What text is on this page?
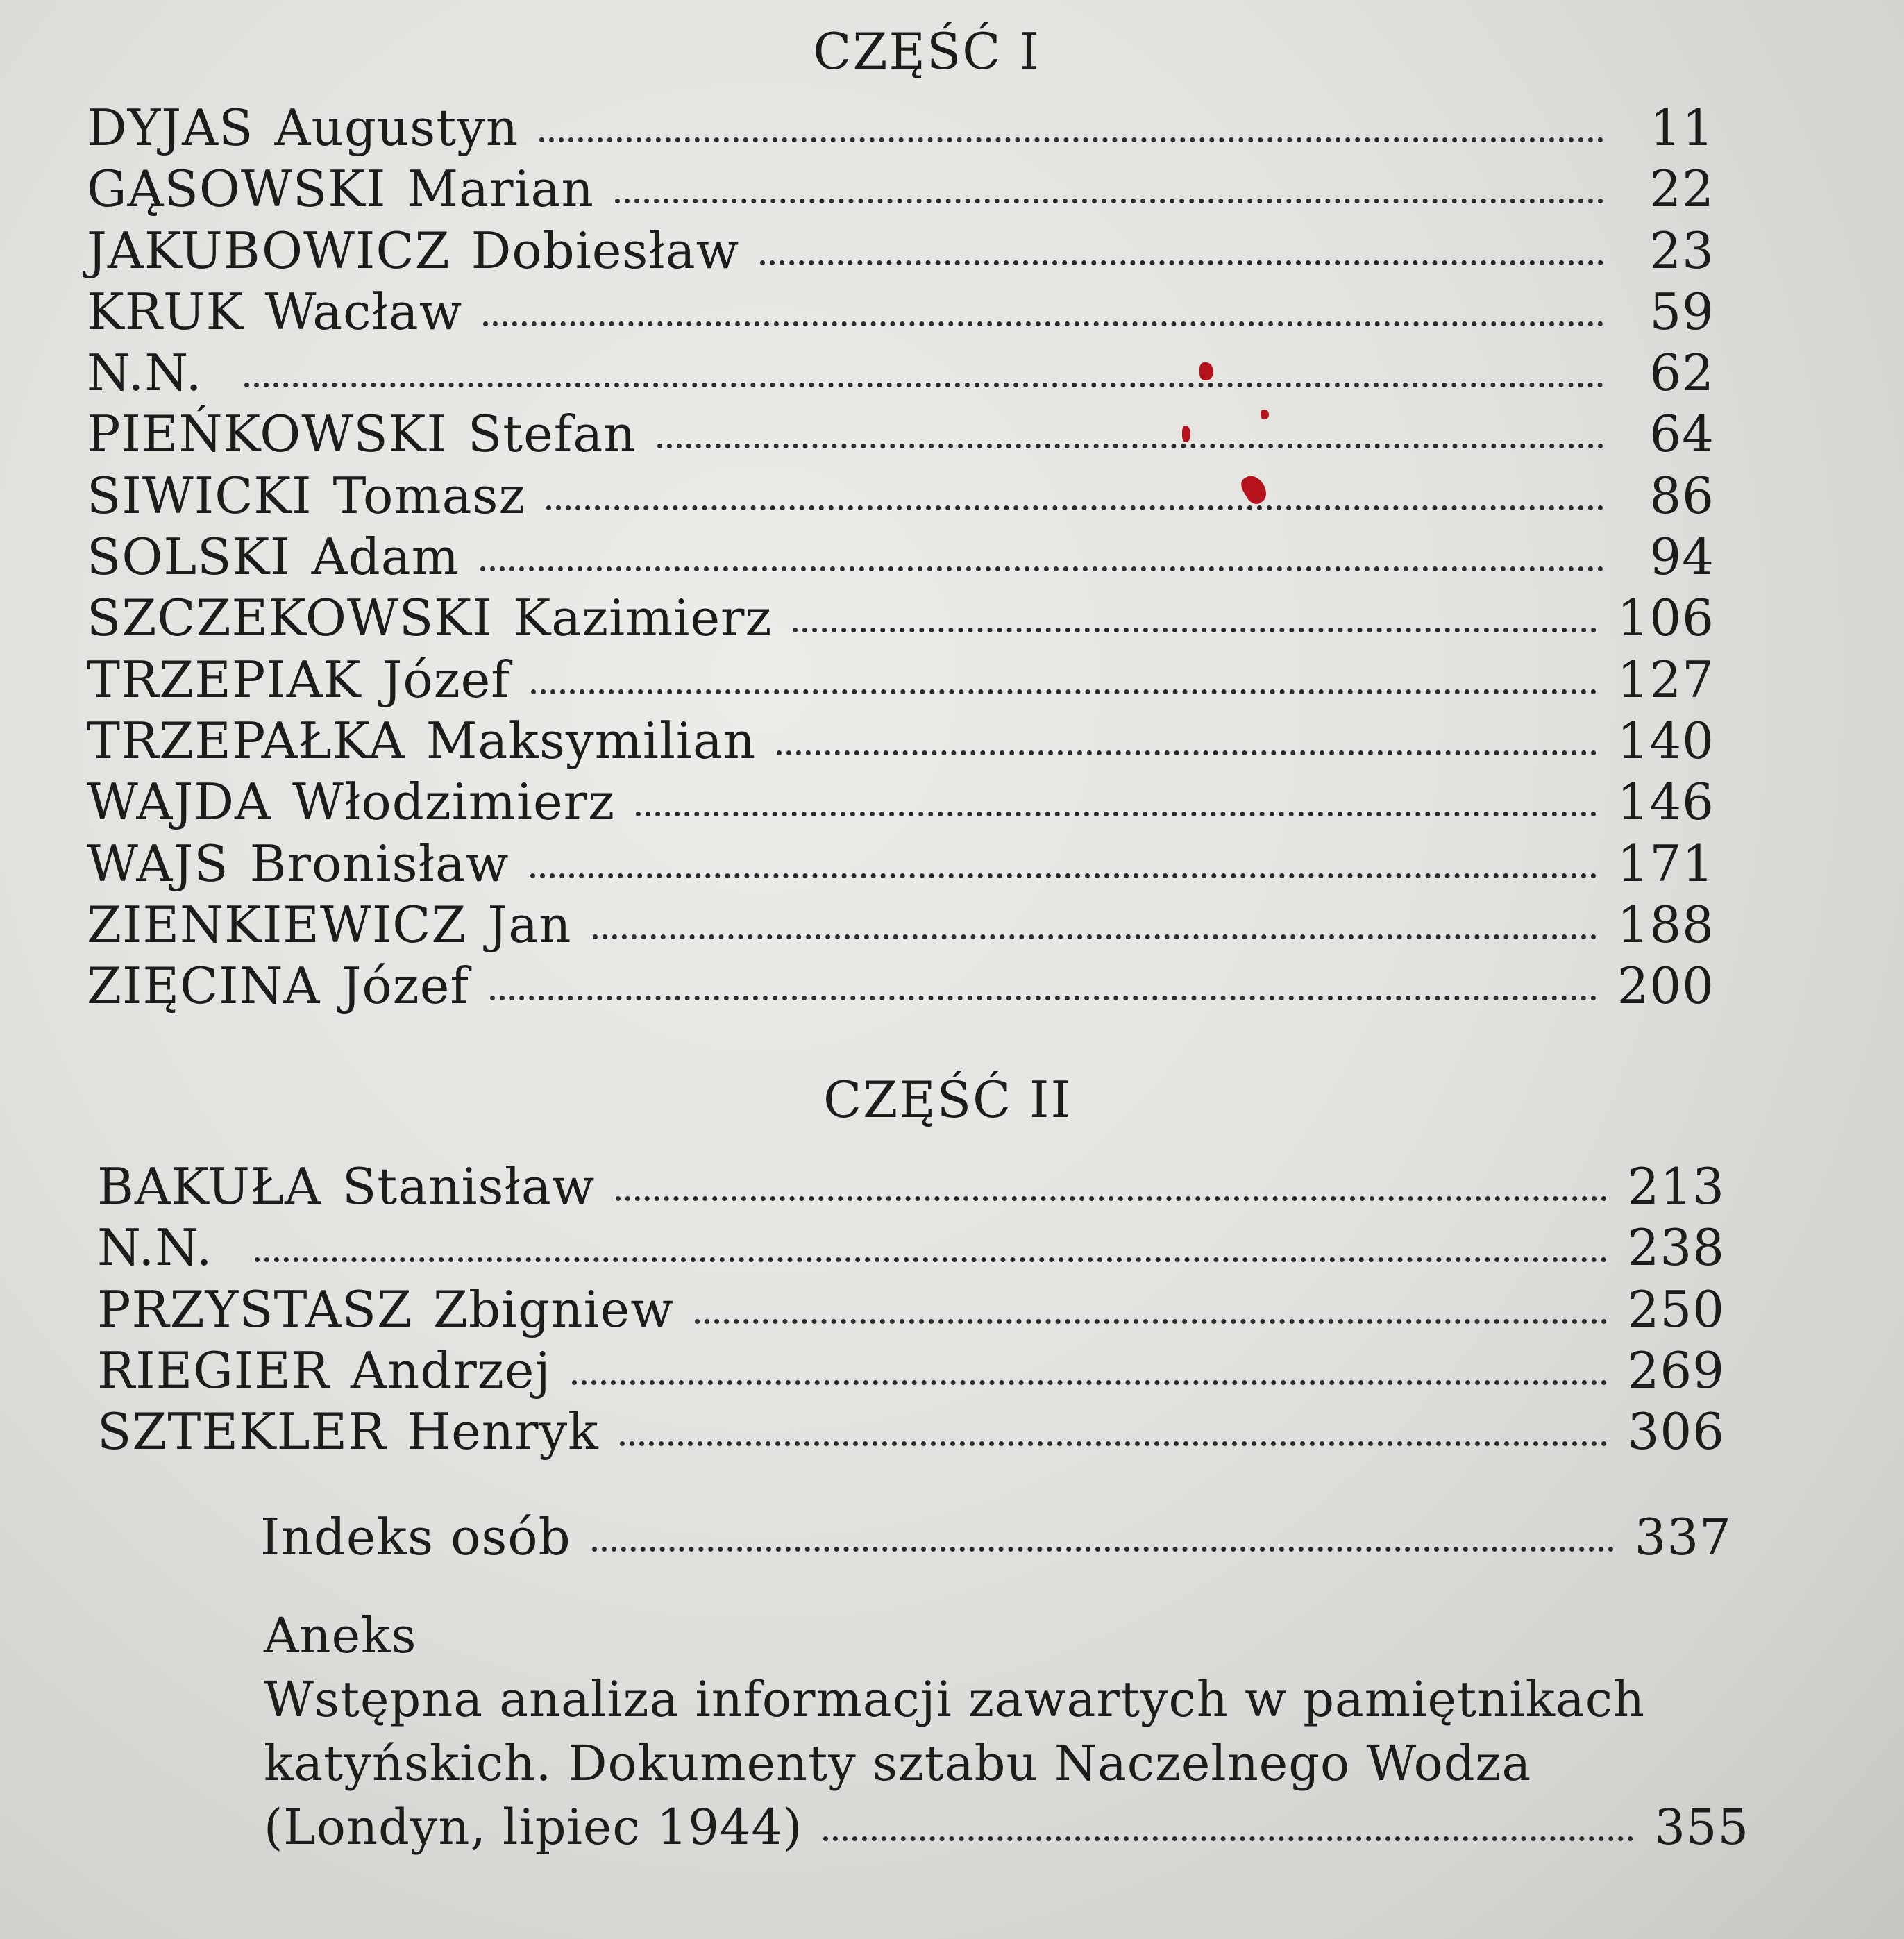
CZĘŚĆ I
DYJAS Augustyn	11
GĄSOWSKI Marian	22
JAKUBOWICZ Dobiesław	23
KRUK Wacław	59
N.N.	62
PIEŃKOWSKI Stefan	64
SIWICKI Tomasz	86
SOLSKI Adam	94
SZCZEKOWSKI Kazimierz	106
TRZEPIAK Józef	127
TRZEPAŁKA Maksymilian	140
WAJDA Włodzimierz	146
WAJS Bronisław	171
ZIENKIEWICZ Jan	188
ZIĘCINA Józef	200
CZĘŚĆ II
BAKUŁA Stanisław	213
N.N.	238
PRZYSTASZ Zbigniew	250
RIEGIER Andrzej	269
SZTEKLER Henryk	306
Indeks osób	337
Aneks
Wstępna analiza informacji zawartych w pamiętnikach
katyńskich. Dokumenty sztabu Naczelnego Wodza
(Londyn, lipiec 1944)	355
